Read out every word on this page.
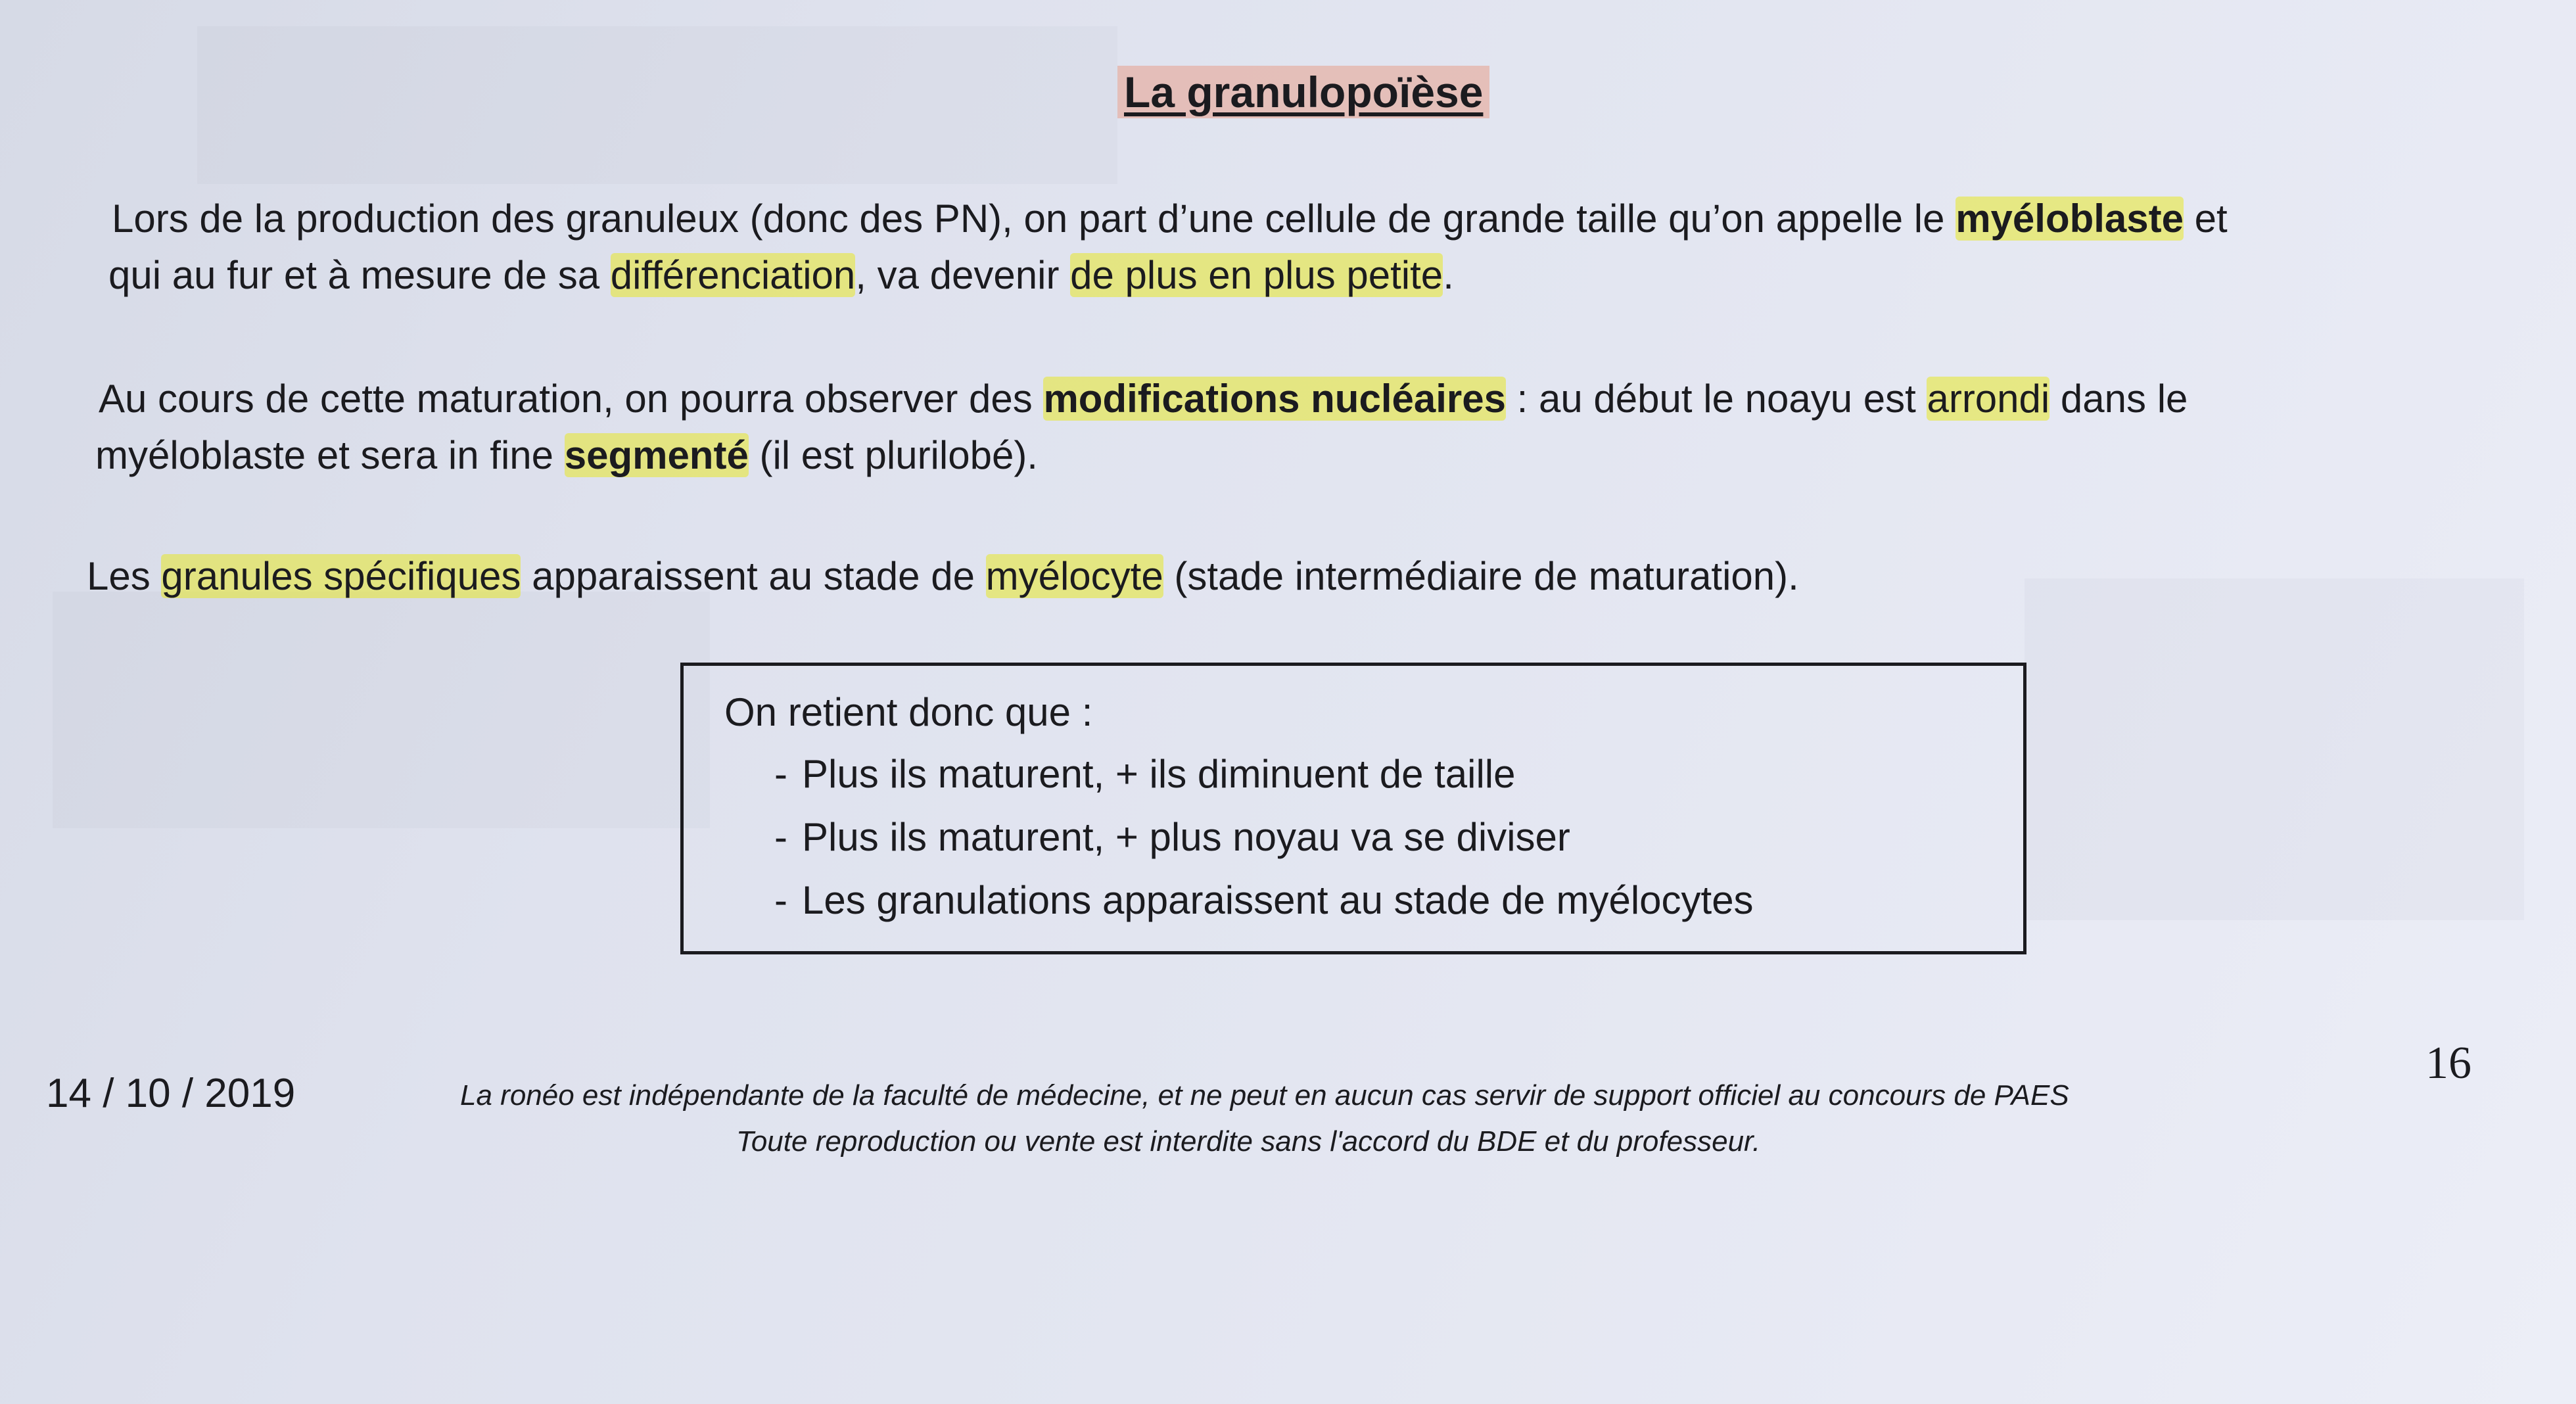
La granulopoïèse
Lors de la production des granuleux (donc des PN), on part d’une cellule de grande taille qu’on appelle le myéloblaste et
qui au fur et à mesure de sa différenciation, va devenir de plus en plus petite.
Au cours de cette maturation, on pourra observer des modifications nucléaires : au début le noayu est arrondi dans le
myéloblaste et sera in fine segmenté (il est plurilobé).
Les granules spécifiques apparaissent au stade de myélocyte (stade intermédiaire de maturation).
On retient donc que :
- Plus ils maturent, + ils diminuent de taille
- Plus ils maturent, + plus noyau va se diviser
- Les granulations apparaissent au stade de myélocytes
14 / 10 / 2019	La ronéo est indépendante de la faculté de médecine, et ne peut en aucun cas servir de support officiel au concours de PAES
Toute reproduction ou vente est interdite sans l'accord du BDE et du professeur.
16
